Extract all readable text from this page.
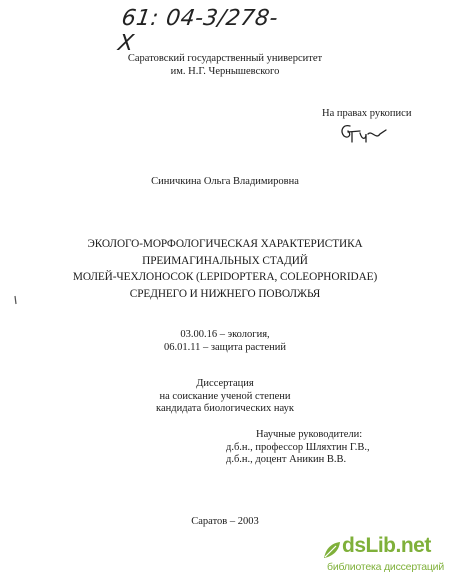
61: 04-3/278-X
Саратовский государственный университет
им. Н.Г. Чернышевского
На правах рукописи
Синичкина Ольга Владимировна
ЭКОЛОГО-МОРФОЛОГИЧЕСКАЯ ХАРАКТЕРИСТИКА
ПРЕИМАГИНАЛЬНЫХ СТАДИЙ
МОЛЕЙ-ЧЕХЛОНОСОК (LEPIDOPTERA, COLEOPHORIDAE)
СРЕДНЕГО И НИЖНЕГО ПОВОЛЖЬЯ
03.00.16 – экология,
06.01.11 – защита растений
Диссертация
на соискание ученой степени
кандидата биологических наук
Научные руководители:
д.б.н., профессор Шляхтин Г.В.,
д.б.н., доцент Аникин В.В.
Саратов – 2003
dsLib.net
библиотека диссертаций
